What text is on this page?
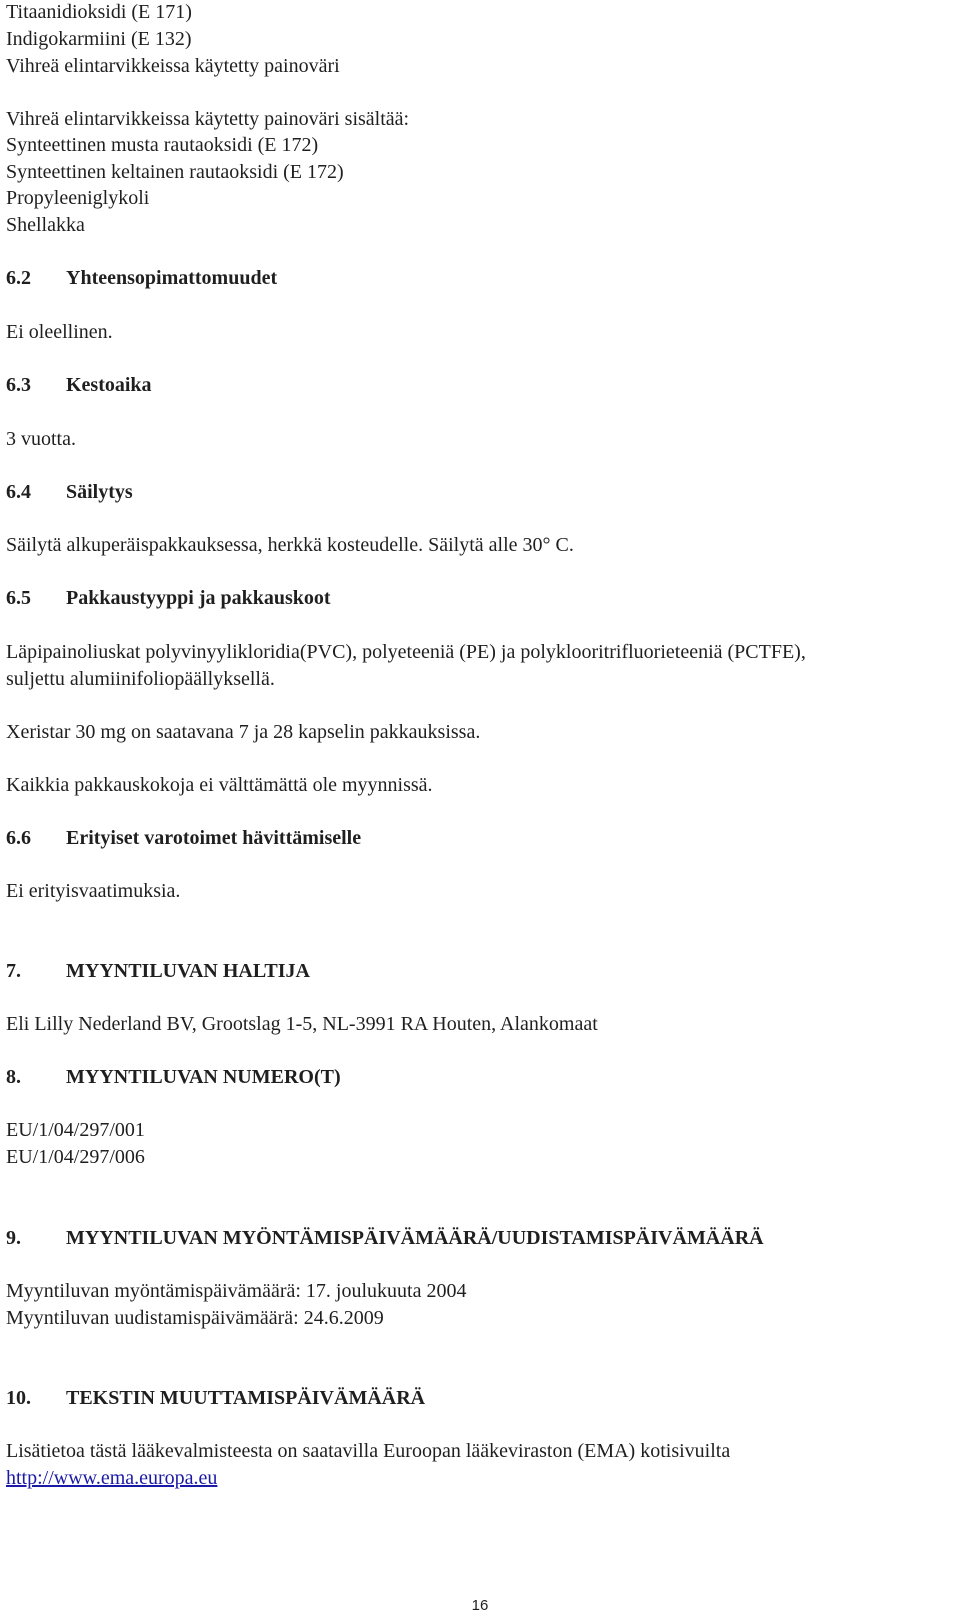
Titaanidioksidi (E 171)
Indigokarmiini (E 132)
Vihreä elintarvikkeissa käytetty painoväri
Vihreä elintarvikkeissa käytetty painoväri sisältää:
Synteettinen musta rautaoksidi (E 172)
Synteettinen keltainen rautaoksidi (E 172)
Propyleeniglykoli
Shellakka
6.2 Yhteensopimattomuudet
Ei oleellinen.
6.3 Kestoaika
3 vuotta.
6.4 Säilytys
Säilytä alkuperäispakkauksessa, herkkä kosteudelle. Säilytä alle 30° C.
6.5 Pakkaustyyppi ja pakkauskoot
Läpipainoliuskat polyvinyylikloridia(PVC), polyeteeniä (PE) ja polyklooritrifluorieteeniä (PCTFE),
suljettu alumiinifoliopäällyksellä.
Xeristar 30 mg on saatavana 7 ja 28 kapselin pakkauksissa.
Kaikkia pakkauskokoja ei välttämättä ole myynnissä.
6.6 Erityiset varotoimet hävittämiselle
Ei erityisvaatimuksia.
7. MYYNTILUVAN HALTIJA
Eli Lilly Nederland BV, Grootslag 1-5, NL-3991 RA Houten, Alankomaat
8. MYYNTILUVAN NUMERO(T)
EU/1/04/297/001
EU/1/04/297/006
9. MYYNTILUVAN MYÖNTÄMISPÄIVÄMÄÄRÄ/UUDISTAMISPÄIVÄMÄÄRÄ
Myyntiluvan myöntämispäivämäärä: 17. joulukuuta 2004
Myyntiluvan uudistamispäivämäärä: 24.6.2009
10. TEKSTIN MUUTTAMISPÄIVÄMÄÄRÄ
Lisätietoa tästä lääkevalmisteesta on saatavilla Euroopan lääkeviraston (EMA) kotisivuilta
http://www.ema.europa.eu
16
